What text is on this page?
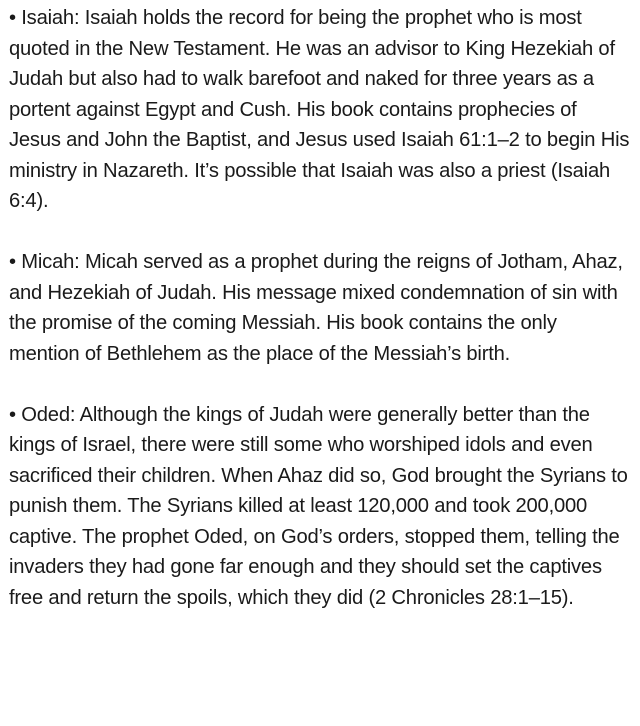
• Isaiah: Isaiah holds the record for being the prophet who is most quoted in the New Testament. He was an advisor to King Hezekiah of Judah but also had to walk barefoot and naked for three years as a portent against Egypt and Cush. His book contains prophecies of Jesus and John the Baptist, and Jesus used Isaiah 61:1–2 to begin His ministry in Nazareth. It’s possible that Isaiah was also a priest (Isaiah 6:4).

• Micah: Micah served as a prophet during the reigns of Jotham, Ahaz, and Hezekiah of Judah. His message mixed condemnation of sin with the promise of the coming Messiah. His book contains the only mention of Bethlehem as the place of the Messiah’s birth.

• Oded: Although the kings of Judah were generally better than the kings of Israel, there were still some who worshiped idols and even sacrificed their children. When Ahaz did so, God brought the Syrians to punish them. The Syrians killed at least 120,000 and took 200,000 captive. The prophet Oded, on God’s orders, stopped them, telling the invaders they had gone far enough and they should set the captives free and return the spoils, which they did (2 Chronicles 28:1–15).
